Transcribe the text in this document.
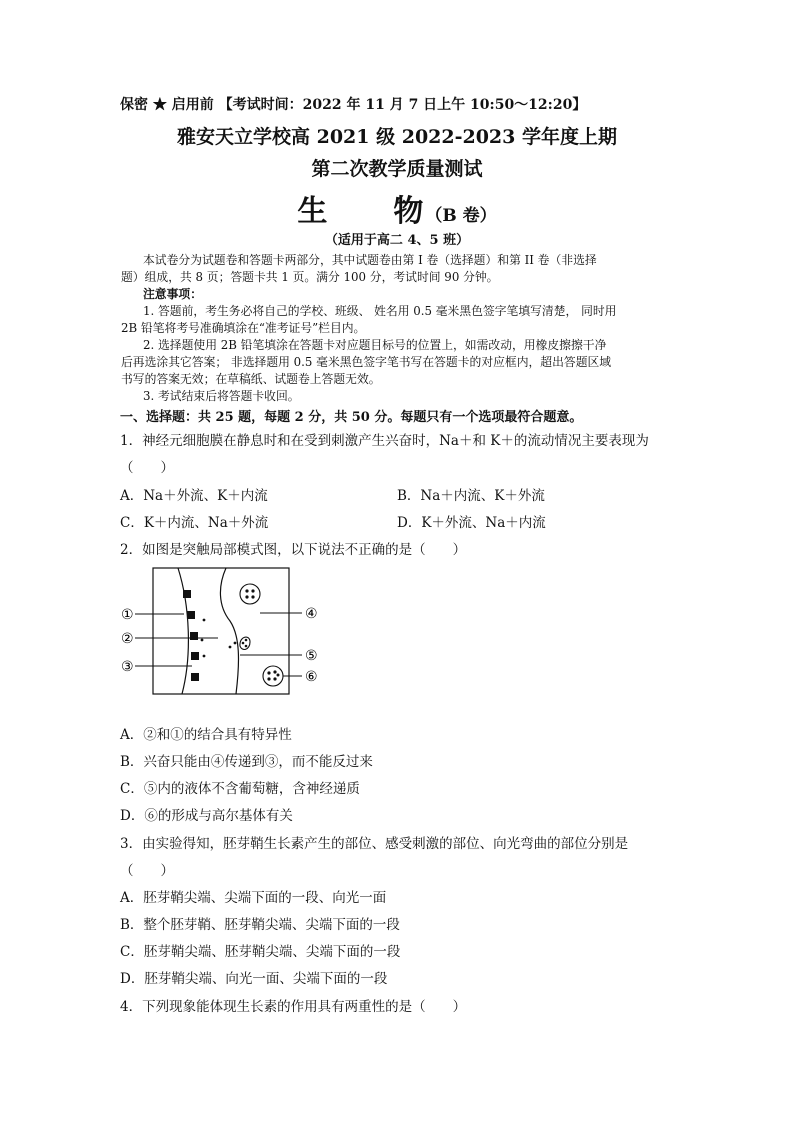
保密 ★ 启用前 【考试时间：2022 年 11 月 7 日上午 10:50～12:20】
雅安天立学校高 2021 级 2022-2023 学年度上期
第二次教学质量测试
生　　物（B 卷）
（适用于高二 4、5 班）
本试卷分为试题卷和答题卡两部分，其中试题卷由第 I 卷（选择题）和第 II 卷（非选择
题）组成，共 8 页；答题卡共 1 页。满分 100 分，考试时间 90 分钟。
注意事项：
1. 答题前，考生务必将自己的学校、班级、 姓名用 0.5 毫米黑色签字笔填写清楚， 同时用
2B 铅笔将考号准确填涂在“准考证号”栏目内。
2. 选择题使用 2B 铅笔填涂在答题卡对应题目标号的位置上，如需改动，用橡皮擦擦干净
后再选涂其它答案； 非选择题用 0.5 毫米黑色签字笔书写在答题卡的对应框内，超出答题区域
书写的答案无效；在草稿纸、试题卷上答题无效。
3. 考试结束后将答题卡收回。
一、选择题：共 25 题，每题 2 分，共 50 分。每题只有一个选项最符合题意。
1．神经元细胞膜在静息时和在受到刺激产生兴奋时，Na＋和 K＋的流动情况主要表现为
（　　）
A．Na＋外流、K＋内流	B．Na＋内流、K＋外流
C．K＋内流、Na＋外流	D．K＋外流、Na＋内流
2．如图是突触局部模式图，以下说法不正确的是（　　）
①
②
③
④
⑤
⑥
A．②和①的结合具有特异性
B．兴奋只能由④传递到③，而不能反过来
C．⑤内的液体不含葡萄糖，含神经递质
D．⑥的形成与高尔基体有关
3．由实验得知，胚芽鞘生长素产生的部位、感受刺激的部位、向光弯曲的部位分别是
（　　）
A．胚芽鞘尖端、尖端下面的一段、向光一面
B．整个胚芽鞘、胚芽鞘尖端、尖端下面的一段
C．胚芽鞘尖端、胚芽鞘尖端、尖端下面的一段
D．胚芽鞘尖端、向光一面、尖端下面的一段
4．下列现象能体现生长素的作用具有两重性的是（　　）
